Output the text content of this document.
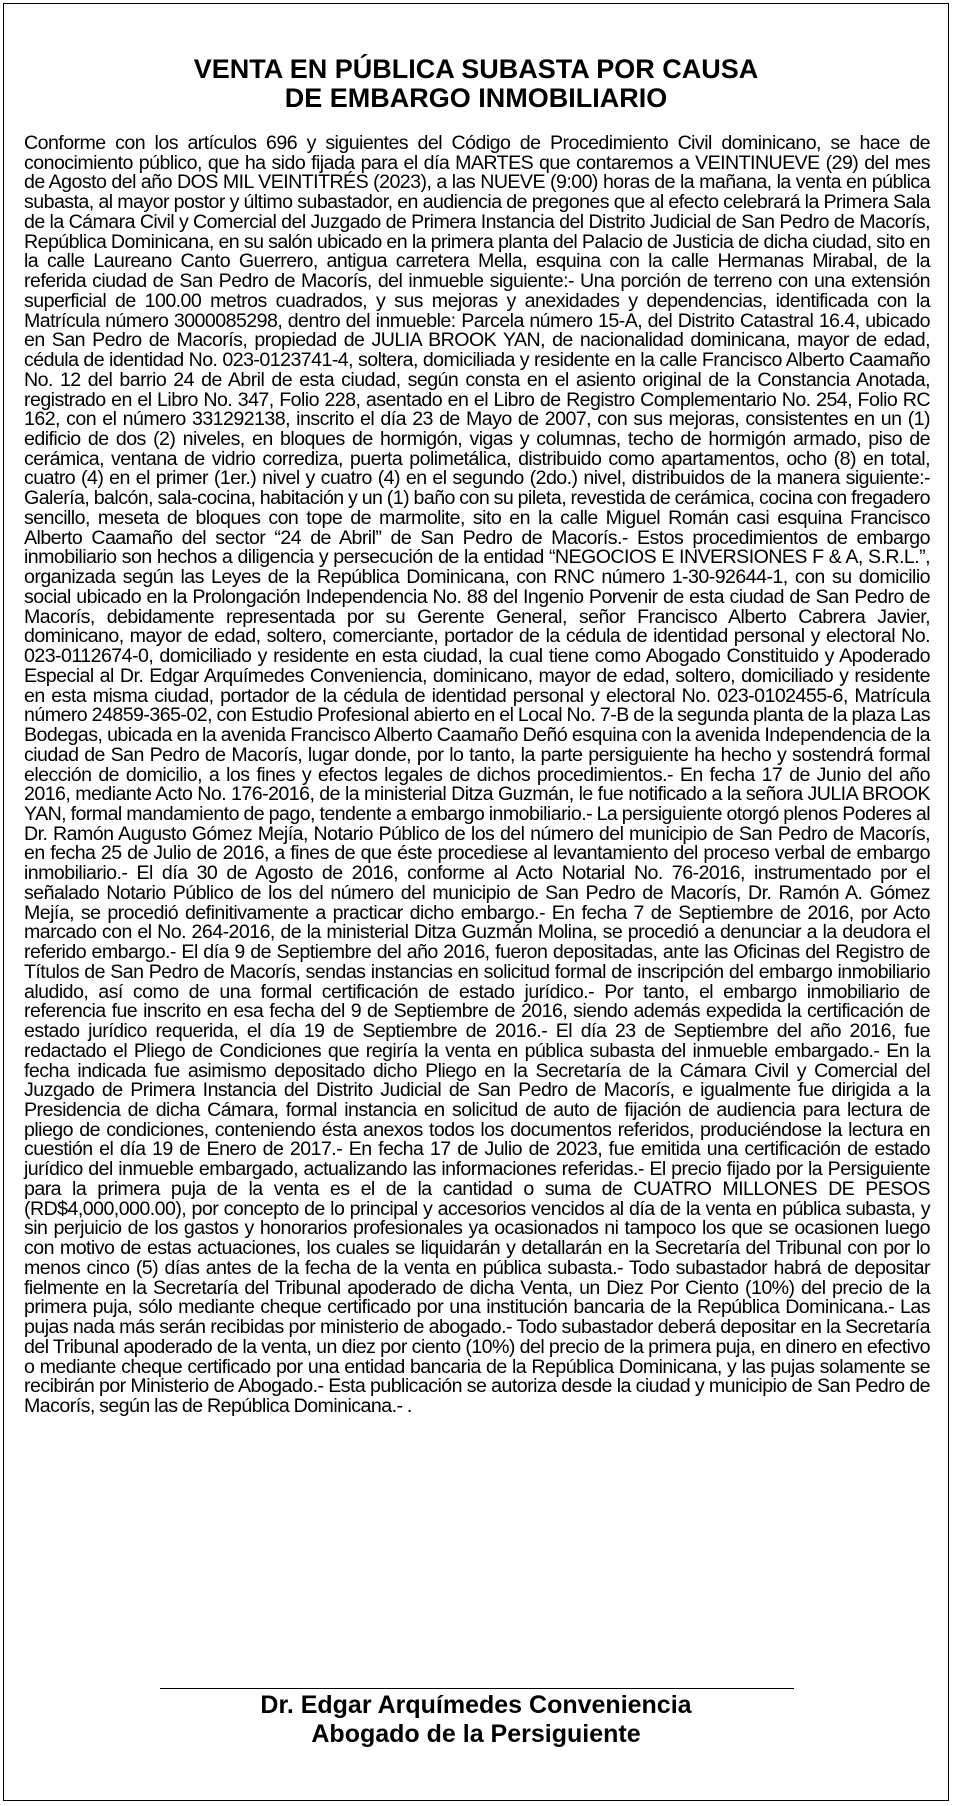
VENTA EN PÚBLICA SUBASTA POR CAUSA
DE EMBARGO INMOBILIARIO

Conforme con los artículos 696 y siguientes del Código de Procedimiento Civil dominicano, se hace de conocimiento público, que ha sido fijada para el día MARTES que contaremos a VEINTINUEVE (29) del mes de Agosto del año DOS MIL VEINTITRÉS (2023), a las NUEVE (9:00) horas de la mañana, la venta en pública subasta, al mayor postor y último subastador, en audiencia de pregones que al efecto celebrará la Primera Sala de la Cámara Civil y Comercial del Juzgado de Primera Instancia del Distrito Judicial de San Pedro de Macorís, República Dominicana, en su salón ubicado en la primera planta del Palacio de Justicia de dicha ciudad, sito en la calle Laureano Canto Guerrero, antigua carretera Mella, esquina con la calle Hermanas Mirabal, de la referida ciudad de San Pedro de Macorís, del inmueble siguiente:- Una porción de terreno con una extensión superficial de 100.00 metros cuadrados, y sus mejoras y anexidades y dependencias, identificada con la Matrícula número 3000085298, dentro del inmueble: Parcela número 15-A, del Distrito Catastral 16.4, ubicado en San Pedro de Macorís, propiedad de JULIA BROOK YAN, de nacionalidad dominicana, mayor de edad, cédula de identidad No. 023-0123741-4, soltera, domiciliada y residente en la calle Francisco Alberto Caamaño No. 12 del barrio 24 de Abril de esta ciudad, según consta en el asiento original de la Constancia Anotada, registrado en el Libro No. 347, Folio 228, asentado en el Libro de Registro Complementario No. 254, Folio RC 162, con el número 331292138, inscrito el día 23 de Mayo de 2007, con sus mejoras, consistentes en un (1) edificio de dos (2) niveles, en bloques de hormigón, vigas y columnas, techo de hormigón armado, piso de cerámica, ventana de vidrio corrediza, puerta polimetálica, distribuido como apartamentos, ocho (8) en total, cuatro (4) en el primer (1er.) nivel y cuatro (4) en el segundo (2do.) nivel, distribuidos de la manera siguiente:- Galería, balcón, sala-cocina, habitación y un (1) baño con su pileta, revestida de cerámica, cocina con fregadero sencillo, meseta de bloques con tope de marmolite, sito en la calle Miguel Román casi esquina Francisco Alberto Caamaño del sector “24 de Abril” de San Pedro de Macorís.- Estos procedimientos de embargo inmobiliario son hechos a diligencia y persecución de la entidad “NEGOCIOS E INVERSIONES F & A, S.R.L.”, organizada según las Leyes de la República Dominicana, con RNC número 1-30-92644-1, con su domicilio social ubicado en la Prolongación Independencia No. 88 del Ingenio Porvenir de esta ciudad de San Pedro de Macorís, debidamente representada por su Gerente General, señor Francisco Alberto Cabrera Javier, dominicano, mayor de edad, soltero, comerciante, portador de la cédula de identidad personal y electoral No. 023-0112674-0, domiciliado y residente en esta ciudad, la cual tiene como Abogado Constituido y Apoderado Especial al Dr. Edgar Arquímedes Conveniencia, dominicano, mayor de edad, soltero, domiciliado y residente en esta misma ciudad, portador de la cédula de identidad personal y electoral No. 023-0102455-6, Matrícula número 24859-365-02, con Estudio Profesional abierto en el Local No. 7-B de la segunda planta de la plaza Las Bodegas, ubicada en la avenida Francisco Alberto Caamaño Deñó esquina con la avenida Independencia de la ciudad de San Pedro de Macorís, lugar donde, por lo tanto, la parte persiguiente ha hecho y sostendrá formal elección de domicilio, a los fines y efectos legales de dichos procedimientos.- En fecha 17 de Junio del año 2016, mediante Acto No. 176-2016, de la ministerial Ditza Guzmán, le fue notificado a la señora JULIA BROOK YAN, formal mandamiento de pago, tendente a embargo inmobiliario.- La persiguiente otorgó plenos Poderes al Dr. Ramón Augusto Gómez Mejía, Notario Público de los del número del municipio de San Pedro de Macorís, en fecha 25 de Julio de 2016, a fines de que éste procediese al levantamiento del proceso verbal de embargo inmobiliario.- El día 30 de Agosto de 2016, conforme al Acto Notarial No. 76-2016, instrumentado por el señalado Notario Público de los del número del municipio de San Pedro de Macorís, Dr. Ramón A. Gómez Mejía, se procedió definitivamente a practicar dicho embargo.- En fecha 7 de Septiembre de 2016, por Acto marcado con el No. 264-2016, de la ministerial Ditza Guzmán Molina, se procedió a denunciar a la deudora el referido embargo.- El día 9 de Septiembre del año 2016, fueron depositadas, ante las Oficinas del Registro de Títulos de San Pedro de Macorís, sendas instancias en solicitud formal de inscripción del embargo inmobiliario aludido, así como de una formal certificación de estado jurídico.- Por tanto, el embargo inmobiliario de referencia fue inscrito en esa fecha del 9 de Septiembre de 2016, siendo además expedida la certificación de estado jurídico requerida, el día 19 de Septiembre de 2016.- El día 23 de Septiembre del año 2016, fue redactado el Pliego de Condiciones que regiría la venta en pública subasta del inmueble embargado.- En la fecha indicada fue asimismo depositado dicho Pliego en la Secretaría de la Cámara Civil y Comercial del Juzgado de Primera Instancia del Distrito Judicial de San Pedro de Macorís, e igualmente fue dirigida a la Presidencia de dicha Cámara, formal instancia en solicitud de auto de fijación de audiencia para lectura de pliego de condiciones, conteniendo ésta anexos todos los documentos referidos, produciéndose la lectura en cuestión el día 19 de Enero de 2017.- En fecha 17 de Julio de 2023, fue emitida una certificación de estado jurídico del inmueble embargado, actualizando las informaciones referidas.- El precio fijado por la Persiguiente para la primera puja de la venta es el de la cantidad o suma de CUATRO MILLONES DE PESOS (RD$4,000,000.00), por concepto de lo principal y accesorios vencidos al día de la venta en pública subasta, y sin perjuicio de los gastos y honorarios profesionales ya ocasionados ni tampoco los que se ocasionen luego con motivo de estas actuaciones, los cuales se liquidarán y detallarán en la Secretaría del Tribunal con por lo menos cinco (5) días antes de la fecha de la venta en pública subasta.- Todo subastador habrá de depositar fielmente en la Secretaría del Tribunal apoderado de dicha Venta, un Diez Por Ciento (10%) del precio de la primera puja, sólo mediante cheque certificado por una institución bancaria de la República Dominicana.- Las pujas nada más serán recibidas por ministerio de abogado.- Todo subastador deberá depositar en la Secretaría del Tribunal apoderado de la venta, un diez por ciento (10%) del precio de la primera puja, en dinero en efectivo o mediante cheque certificado por una entidad bancaria de la República Dominicana, y las pujas solamente se recibirán por Ministerio de Abogado.- Esta publicación se autoriza desde la ciudad y municipio de San Pedro de Macorís, según las de República Dominicana.- .

Dr. Edgar Arquímedes Conveniencia
Abogado de la Persiguiente
